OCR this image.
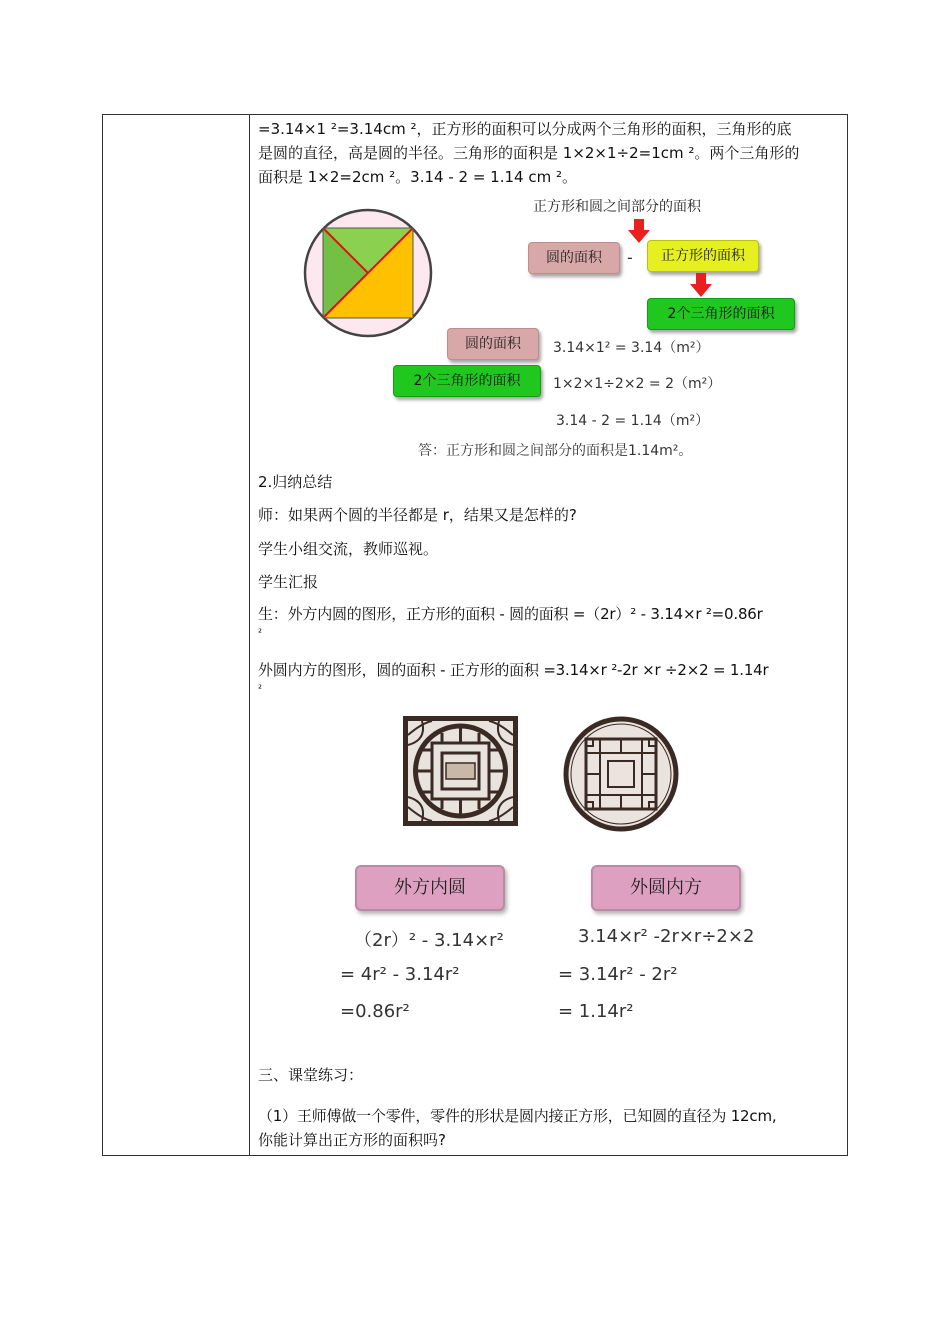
=3.14×1 ²=3.14cm ²，正方形的面积可以分成两个三角形的面积，三角形的底
是圆的直径，高是圆的半径。三角形的面积是 1×2×1÷2=1cm ²。两个三角形的
面积是 1×2=2cm ²。3.14 - 2 = 1.14 cm ²。
正方形和圆之间部分的面积
圆的面积	-	正方形的面积
2个三角形的面积
圆的面积	3.14×1² = 3.14（m²）
2个三角形的面积	1×2×1÷2×2 = 2（m²）
3.14 - 2 = 1.14（m²）
答：正方形和圆之间部分的面积是1.14m²。
2.归纳总结
师：如果两个圆的半径都是 r，结果又是怎样的?
学生小组交流，教师巡视。
学生汇报
生：外方内圆的图形，正方形的面积 - 圆的面积 =（2r）² - 3.14×r ²=0.86r
²
外圆内方的图形，圆的面积 - 正方形的面积 =3.14×r ²-2r ×r ÷2×2 = 1.14r
²
外方内圆	外圆内方
（2r）² - 3.14×r²
= 4r² - 3.14r²
=0.86r²
3.14×r² -2r×r÷2×2
= 3.14r² - 2r²
= 1.14r²
三、课堂练习：
（1）王师傅做一个零件，零件的形状是圆内接正方形，已知圆的直径为 12cm,
你能计算出正方形的面积吗?
